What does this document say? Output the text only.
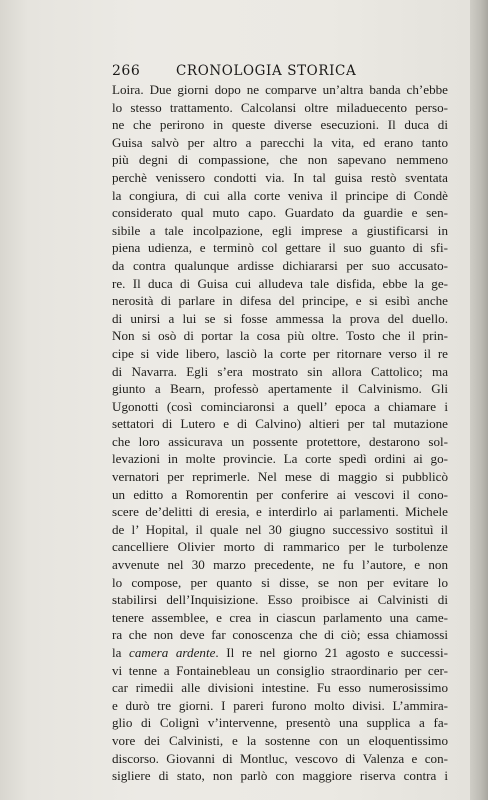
266	CRONOLOGIA STORICA
Loira. Due giorni dopo ne comparve un’altra banda ch’ebbe
lo stesso trattamento. Calcolansi oltre miladuecento perso-
ne che perirono in queste diverse esecuzioni. Il duca di
Guisa salvò per altro a parecchi la vita, ed erano tanto
più degni di compassione, che non sapevano nemmeno
perchè venissero condotti via. In tal guisa restò sventata
la congiura, di cui alla corte veniva il principe di Condè
considerato qual muto capo. Guardato da guardie e sen-
sibile a tale incolpazione, egli imprese a giustificarsi in
piena udienza, e terminò col gettare il suo guanto di sfi-
da contra qualunque ardisse dichiararsi per suo accusato-
re. Il duca di Guisa cui alludeva tale disfida, ebbe la ge-
nerosità di parlare in difesa del principe, e si esibì anche
di unirsi a lui se si fosse ammessa la prova del duello.
Non si osò di portar la cosa più oltre. Tosto che il prin-
cipe si vide libero, lasciò la corte per ritornare verso il re
di Navarra. Egli s’era mostrato sin allora Cattolico; ma
giunto a Bearn, professò apertamente il Calvinismo. Gli
Ugonotti (così cominciaronsi a quell’ epoca a chiamare i
settatori di Lutero e di Calvino) altieri per tal mutazione
che loro assicurava un possente protettore, destarono sol-
levazioni in molte provincie. La corte spedì ordini ai go-
vernatori per reprimerle. Nel mese di maggio si pubblicò
un editto a Romorentin per conferire ai vescovi il cono-
scere de’delitti di eresia, e interdirlo ai parlamenti. Michele
de l’ Hopital, il quale nel 30 giugno successivo sostituì il
cancelliere Olivier morto di rammarico per le turbolenze
avvenute nel 30 marzo precedente, ne fu l’autore, e non
lo compose, per quanto si disse, se non per evitare lo
stabilirsi dell’Inquisizione. Esso proibisce ai Calvinisti di
tenere assemblee, e crea in ciascun parlamento una came-
ra che non deve far conoscenza che di ciò; essa chiamossi
la camera ardente. Il re nel giorno 21 agosto e successi-
vi tenne a Fontainebleau un consiglio straordinario per cer-
car rimedii alle divisioni intestine. Fu esso numerosissimo
e durò tre giorni. I pareri furono molto divisi. L’ammira-
glio di Colignì v’intervenne, presentò una supplica a fa-
vore dei Calvinisti, e la sostenne con un eloquentissimo
discorso. Giovanni di Montluc, vescovo di Valenza e con-
sigliere di stato, non parlò con maggiore riserva contra i
